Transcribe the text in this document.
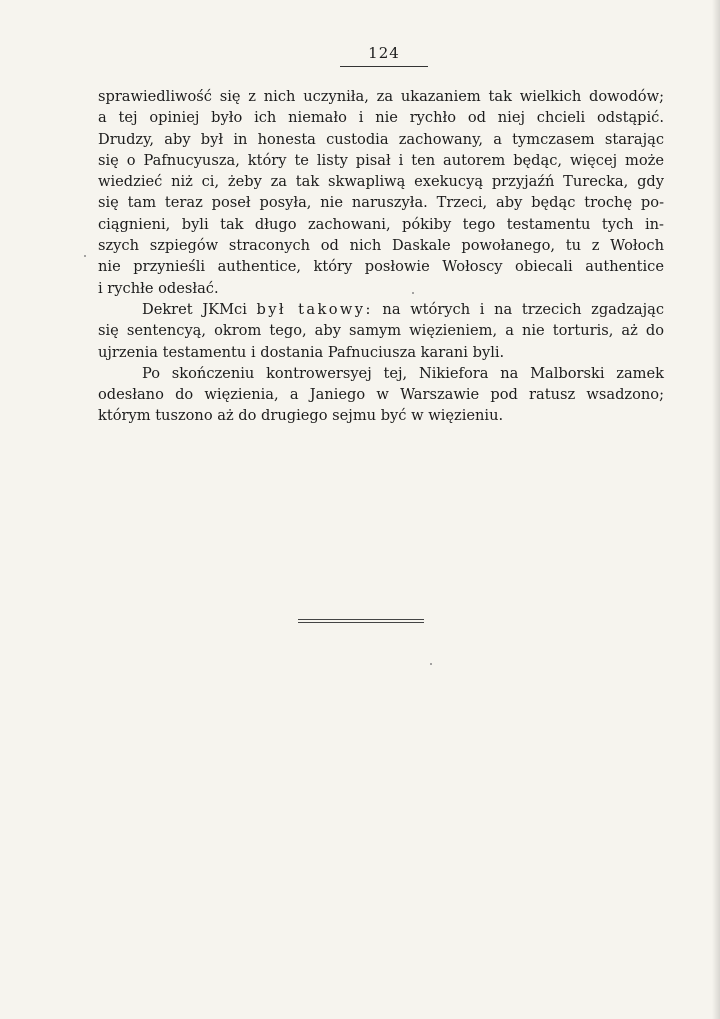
124

sprawiedliwość się z nich uczyniła, za ukazaniem tak wielkich dowodów;
a tej opiniej było ich niemało i nie rychło od niej chcieli odstąpić.
Drudzy, aby był in honesta custodia zachowany, a tymczasem starając
się o Pafnucyusza, który te listy pisał i ten autorem będąc, więcej może
wiedzieć niż ci, żeby za tak skwapliwą exekucyą przyjaźń Turecka, gdy
się tam teraz poseł posyła, nie naruszyła. Trzeci, aby będąc trochę po-
ciągnieni, byli tak długo zachowani, pókiby tego testamentu tych in-
szych szpiegów straconych od nich Daskale powołanego, tu z Wołoch
nie przynieśli authentice, który posłowie Wołoscy obiecali authentice
i rychłe odesłać.

Dekret JKMci był takowy: na wtórych i na trzecich zgadzając
się sentencyą, okrom tego, aby samym więzieniem, a nie torturis, aż do
ujrzenia testamentu i dostania Pafnuciusza karani byli.

Po skończeniu kontrowersyej tej, Nikiefora na Malborski zamek
odesłano do więzienia, a Janiego w Warszawie pod ratusz wsadzono;
którym tuszono aż do drugiego sejmu być w więzieniu.
